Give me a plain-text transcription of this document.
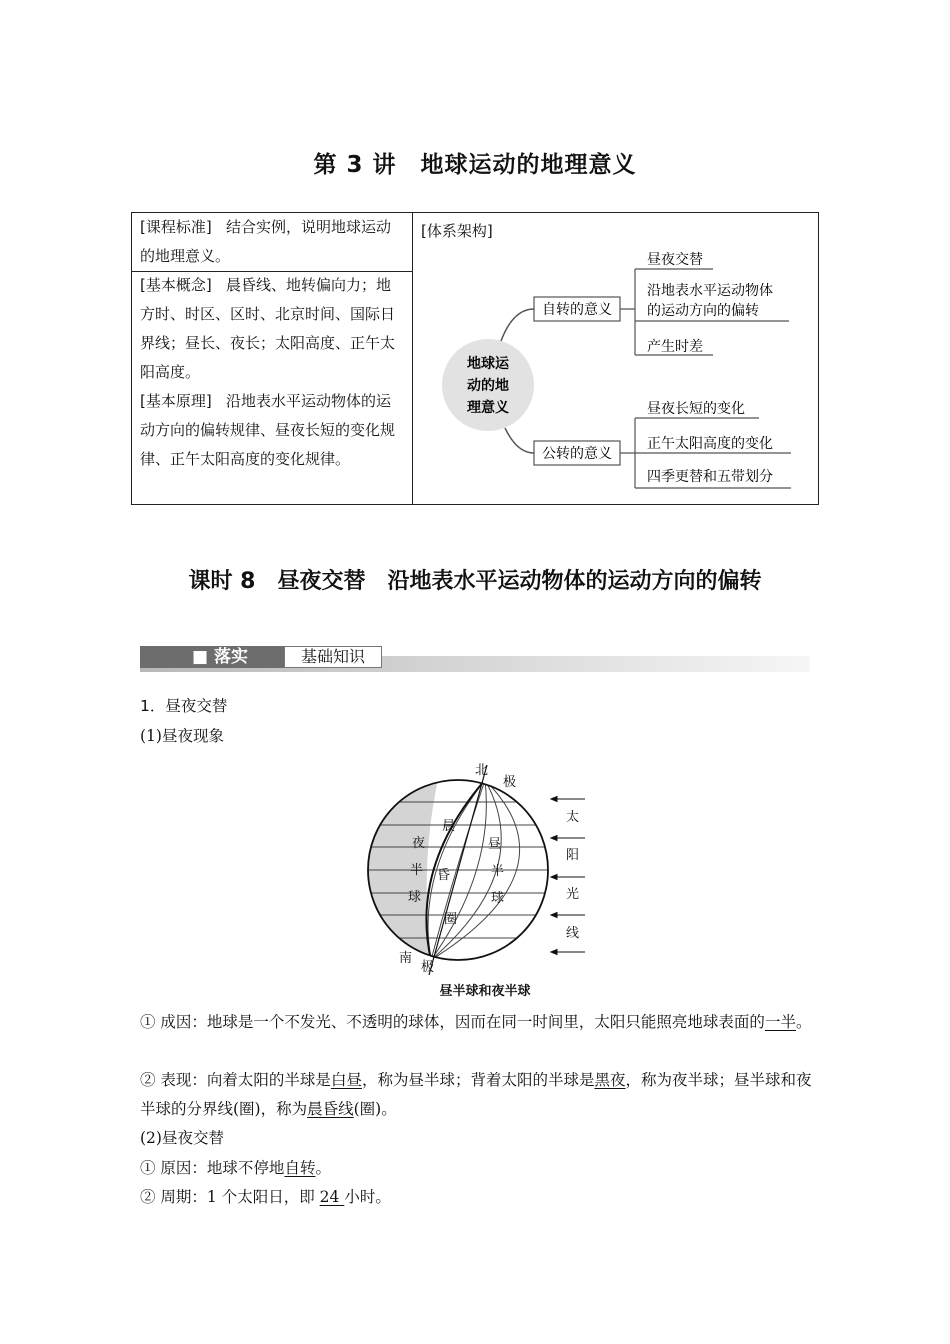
第 3 讲　地球运动的地理意义
[课程标准] 结合实例，说明地球运动的地理意义。
[基本概念] 晨昏线、地转偏向力；地方时、时区、区时、北京时间、国际日界线；昼长、夜长；太阳高度、正午太阳高度。
[基本原理] 沿地表水平运动物体的运动方向的偏转规律、昼夜长短的变化规律、正午太阳高度的变化规律。
[体系架构]
地球运
动的地
理意义
自转的意义
公转的意义
昼夜交替
沿地表水平运动物体
的运动方向的偏转
产生时差
昼夜长短的变化
正午太阳高度的变化
四季更替和五带划分
课时 8　昼夜交替　沿地表水平运动物体的运动方向的偏转
■ 落实	基础知识
1．昼夜交替
(1)昼夜现象
北
极
南
极
夜
半
球
晨
昏
圈
昼
半
球
太
阳
光
线
昼半球和夜半球
① 成因：地球是一个不发光、不透明的球体，因而在同一时间里，太阳只能照亮地球表面的一半。
② 表现：向着太阳的半球是白昼，称为昼半球；背着太阳的半球是黑夜，称为夜半球；昼半球和夜半球的分界线(圈)，称为晨昏线(圈)。
(2)昼夜交替
① 原因：地球不停地自转。
② 周期：1 个太阳日，即 24 小时。
